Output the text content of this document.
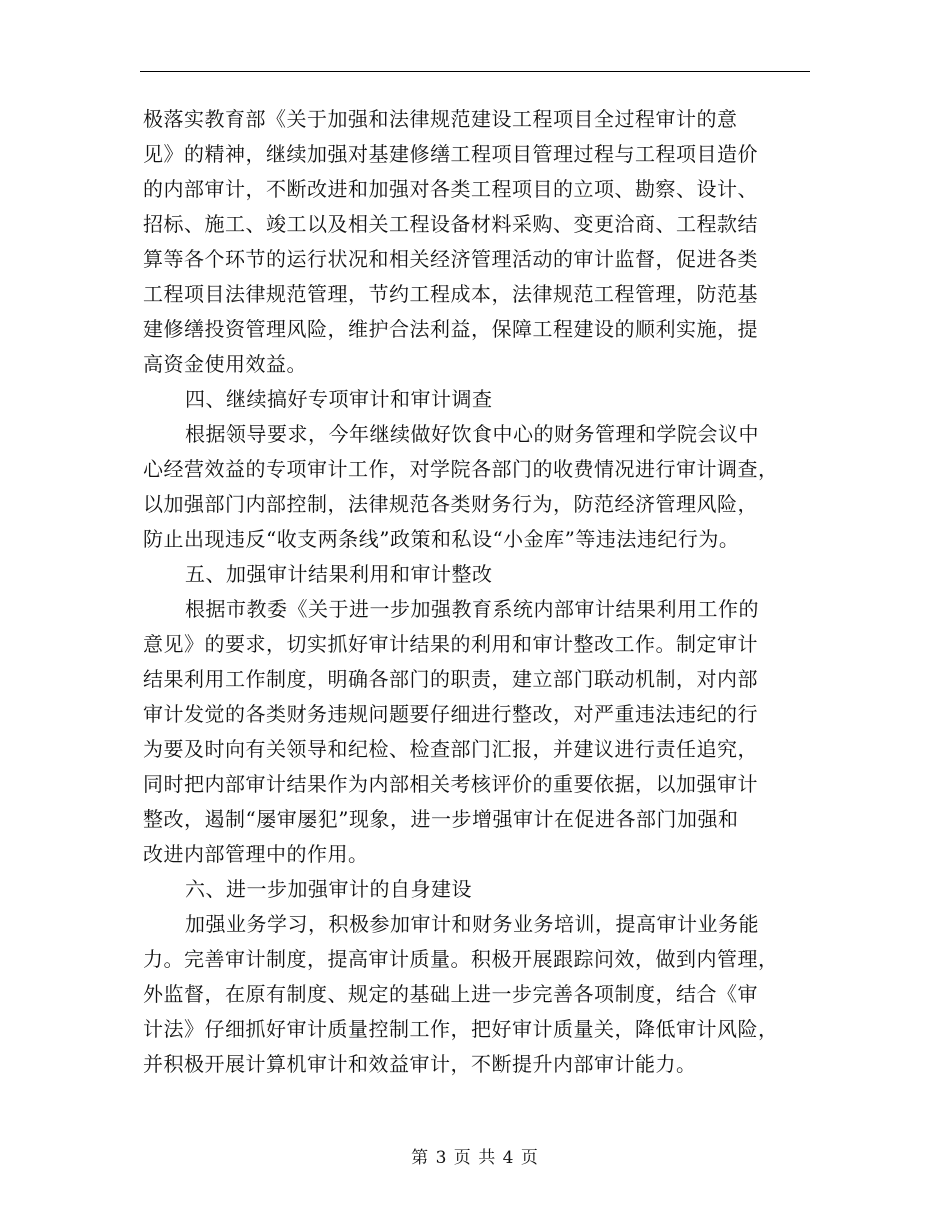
极落实教育部《关于加强和法律规范建设工程项目全过程审计的意
见》的精神，继续加强对基建修缮工程项目管理过程与工程项目造价
的内部审计，不断改进和加强对各类工程项目的立项、勘察、设计、
招标、施工、竣工以及相关工程设备材料采购、变更洽商、工程款结
算等各个环节的运行状况和相关经济管理活动的审计监督，促进各类
工程项目法律规范管理，节约工程成本，法律规范工程管理，防范基
建修缮投资管理风险，维护合法利益，保障工程建设的顺利实施，提
高资金使用效益。
四、继续搞好专项审计和审计调查
根据领导要求，今年继续做好饮食中心的财务管理和学院会议中
心经营效益的专项审计工作，对学院各部门的收费情况进行审计调查，
以加强部门内部控制，法律规范各类财务行为，防范经济管理风险，
防止出现违反“收支两条线”政策和私设“小金库”等违法违纪行为。
五、加强审计结果利用和审计整改
根据市教委《关于进一步加强教育系统内部审计结果利用工作的
意见》的要求，切实抓好审计结果的利用和审计整改工作。制定审计
结果利用工作制度，明确各部门的职责，建立部门联动机制，对内部
审计发觉的各类财务违规问题要仔细进行整改，对严重违法违纪的行
为要及时向有关领导和纪检、检查部门汇报，并建议进行责任追究，
同时把内部审计结果作为内部相关考核评价的重要依据，以加强审计
整改，遏制“屡审屡犯”现象，进一步增强审计在促进各部门加强和
改进内部管理中的作用。
六、进一步加强审计的自身建设
加强业务学习，积极参加审计和财务业务培训，提高审计业务能
力。完善审计制度，提高审计质量。积极开展跟踪问效，做到内管理，
外监督，在原有制度、规定的基础上进一步完善各项制度，结合《审
计法》仔细抓好审计质量控制工作，把好审计质量关，降低审计风险，
并积极开展计算机审计和效益审计，不断提升内部审计能力。
第 3 页 共 4 页
